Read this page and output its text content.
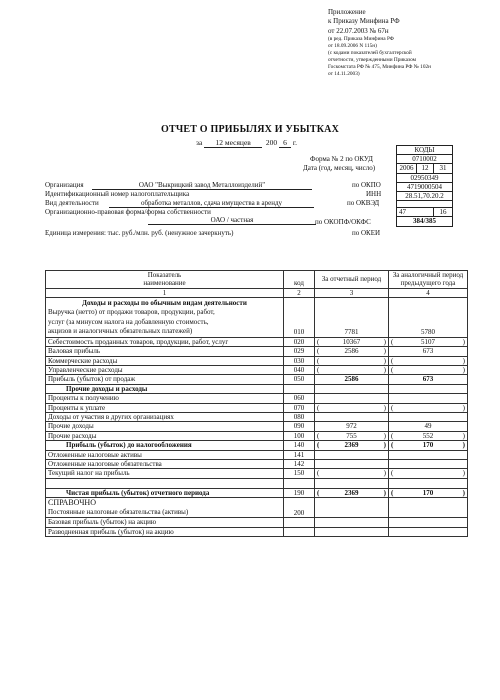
Приложение
к Приказу Минфина РФ
от 22.07.2003 № 67н
(в ред. Приказа Минфина РФ
от 18.09.2006 N 115н)
(с кодами показателей бухгалтерской
отчетности, утвержденными Приказом
Госкомстата РФ № 475, Минфина РФ № 102н
от 14.11.2003)
ОТЧЕТ О ПРИБЫЛЯХ И УБЫТКАХ
за 12 месяцев 200 6 г.
КОДЫ		
0710002		
2006	12	31
02950349		
4719000504		
28.51,70.20.2		

47		16
384/385		
Форма № 2 по ОКУД
Дата (год, месяц, число)
Организация	ОАО "Выкрицкий завод Металлоизделий"	по ОКПО
Идентификационный номер налогоплательщика	ИНН
Вид деятельности	обработка металлов, сдача имущества в аренду	по ОКВЭД
Организационно-правовая форма/форма собственности
ОАО / частная	по ОКОПФ/ОКФС
Единица измерения: тыс. руб./млн. руб. (ненужное зачеркнуть)	по ОКЕИ
Показатель		За отчетный период	За аналогичный период предыдущего года
наименование	код		
1	2	3	4
Доходы и расходы по обычным видам деятельности
Выручка (нетто) от продажи товаров, продукции, работ,
услуг (за минусом налога на добавленную стоимость,
акцизов и аналогичных обязательных платежей)	010	7781	5780
Себестоимость проданных товаров, продукции, работ, услуг	020	( 10367 )	( 5107 )

Валовая прибыль	029	( 2586 )	673
Коммерческие расходы	030	( )	( )

Управленческие расходы	040	( )	( )

Прибыль (убыток) от продаж	050	2586	673
Прочие доходы и расходы			
Проценты к получению	060		
Проценты к уплате	070	( )	( )

Доходы от участия в других организациях	080		
Прочие доходы	090	972	49
Прочие расходы	100	( 755 )	( 552 )

Прибыль (убыток) до налогообложения	140	( 2369 )	( 170 )

Отложенные налоговые активы	141		
Отложенные налоговые обязательства	142		
Текущий налог на прибыль	150	( )	( )

Чистая прибыль (убыток) отчетного периода	190	( 2369 )	( 170 )

СПРАВОЧНО
Постоянные налоговые обязательства (активы)	200		
Базовая прибыль (убыток) на акцию			
Разводненная прибыль (убыток) на акцию			
